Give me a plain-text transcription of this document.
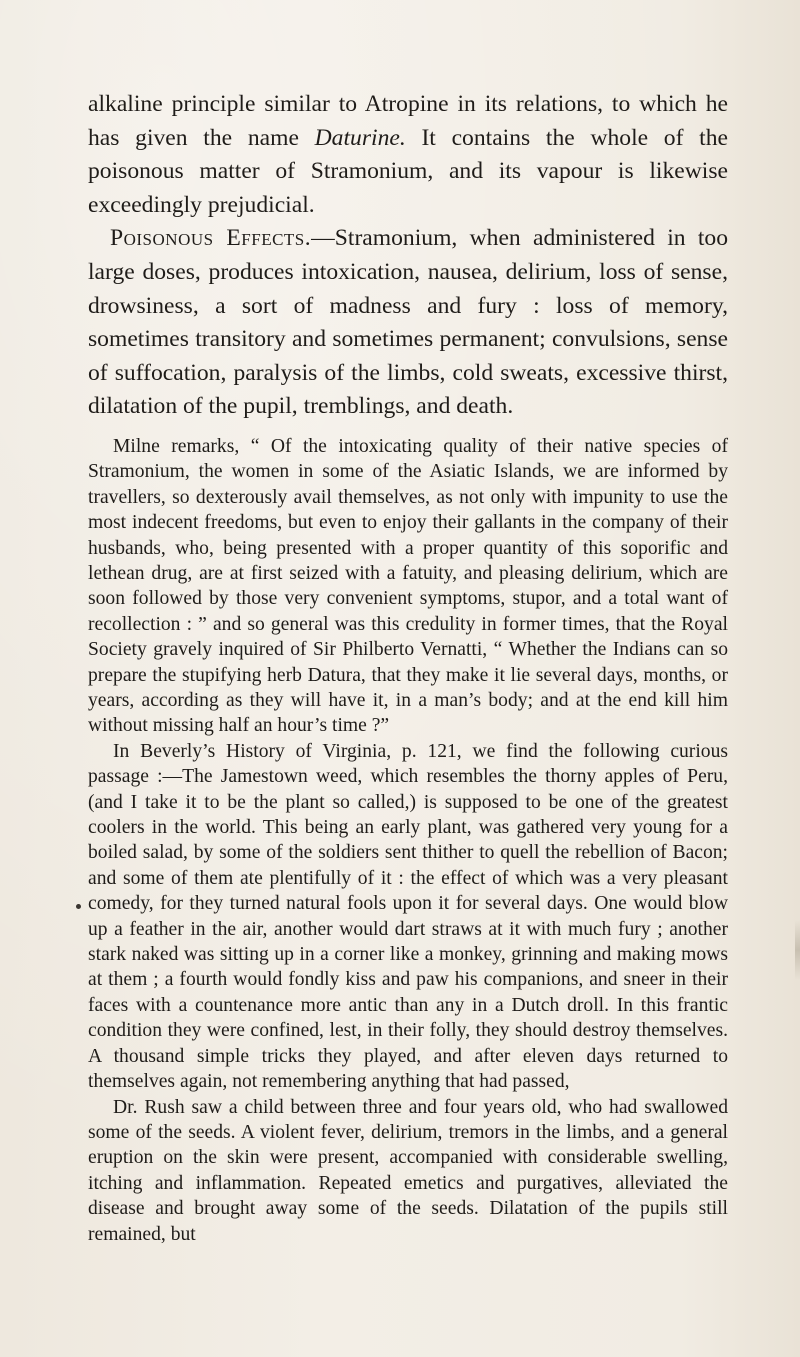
alkaline principle similar to Atropine in its relations, to which he has given the name Daturine. It contains the whole of the poisonous matter of Stramonium, and its vapour is likewise exceedingly prejudicial.

Poisonous Effects.—Stramonium, when administered in too large doses, produces intoxication, nausea, delirium, loss of sense, drowsiness, a sort of madness and fury : loss of memory, sometimes transitory and sometimes permanent; convulsions, sense of suffocation, paralysis of the limbs, cold sweats, excessive thirst, dilatation of the pupil, tremblings, and death.

Milne remarks, “ Of the intoxicating quality of their native species of Stramonium, the women in some of the Asiatic Islands, we are informed by travellers, so dexterously avail themselves, as not only with impunity to use the most indecent freedoms, but even to enjoy their gallants in the company of their husbands, who, being presented with a proper quantity of this soporific and lethean drug, are at first seized with a fatuity, and pleasing delirium, which are soon followed by those very convenient symptoms, stupor, and a total want of recollection : ” and so general was this credulity in former times, that the Royal Society gravely inquired of Sir Philberto Vernatti, “ Whether the Indians can so prepare the stupifying herb Datura, that they make it lie several days, months, or years, according as they will have it, in a man’s body; and at the end kill him without missing half an hour’s time ?”

In Beverly’s History of Virginia, p. 121, we find the following curious passage :—The Jamestown weed, which resembles the thorny apples of Peru, (and I take it to be the plant so called,) is supposed to be one of the greatest coolers in the world. This being an early plant, was gathered very young for a boiled salad, by some of the soldiers sent thither to quell the rebellion of Bacon; and some of them ate plentifully of it : the effect of which was a very pleasant comedy, for they turned natural fools upon it for several days. One would blow up a feather in the air, another would dart straws at it with much fury ; another stark naked was sitting up in a corner like a monkey, grinning and making mows at them ; a fourth would fondly kiss and paw his companions, and sneer in their faces with a countenance more antic than any in a Dutch droll. In this frantic condition they were confined, lest, in their folly, they should destroy themselves. A thousand simple tricks they played, and after eleven days returned to themselves again, not remembering anything that had passed,

Dr. Rush saw a child between three and four years old, who had swallowed some of the seeds. A violent fever, delirium, tremors in the limbs, and a general eruption on the skin were present, accompanied with considerable swelling, itching and inflammation. Repeated emetics and purgatives, alleviated the disease and brought away some of the seeds. Dilatation of the pupils still remained, but
